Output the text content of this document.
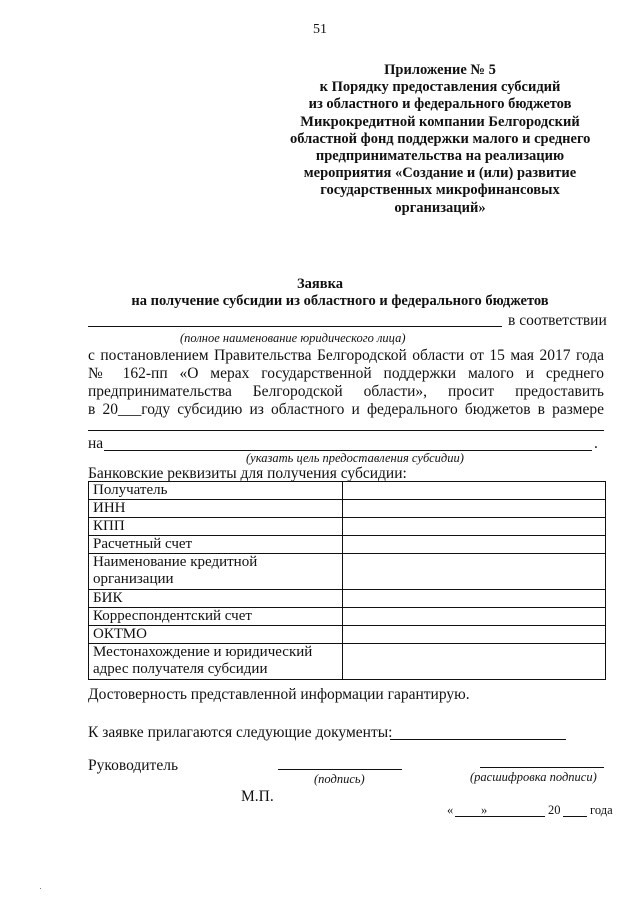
51
Приложение № 5
к Порядку предоставления субсидий
из областного и федерального бюджетов
Микрокредитной компании Белгородский
областной фонд поддержки малого и среднего
предпринимательства на реализацию
мероприятия «Создание и (или) развитие
государственных микрофинансовых
организаций»
Заявка
на получение субсидии из областного и федерального бюджетов
в соответствии
(полное наименование юридического лица)
с постановлением Правительства Белгородской области от 15 мая 2017 года
№ 162-пп «О мерах государственной поддержки малого и среднего
предпринимательства Белгородской области», просит предоставить
в 20___году субсидию из областного и федерального бюджетов в размере
на	.
(указать цель предоставления субсидии)
Банковские реквизиты для получения субсидии:
Получатель	
ИНН	
КПП	
Расчетный счет	
Наименование кредитной организации	
БИК	
Корреспондентский счет	
ОКТМО	
Местонахождение и юридический адрес получателя субсидии	
Достоверность представленной информации гарантирую.
К заявке прилагаются следующие документы:
Руководитель
(подпись)	(расшифровка подписи)
М.П.
« »	20 года
